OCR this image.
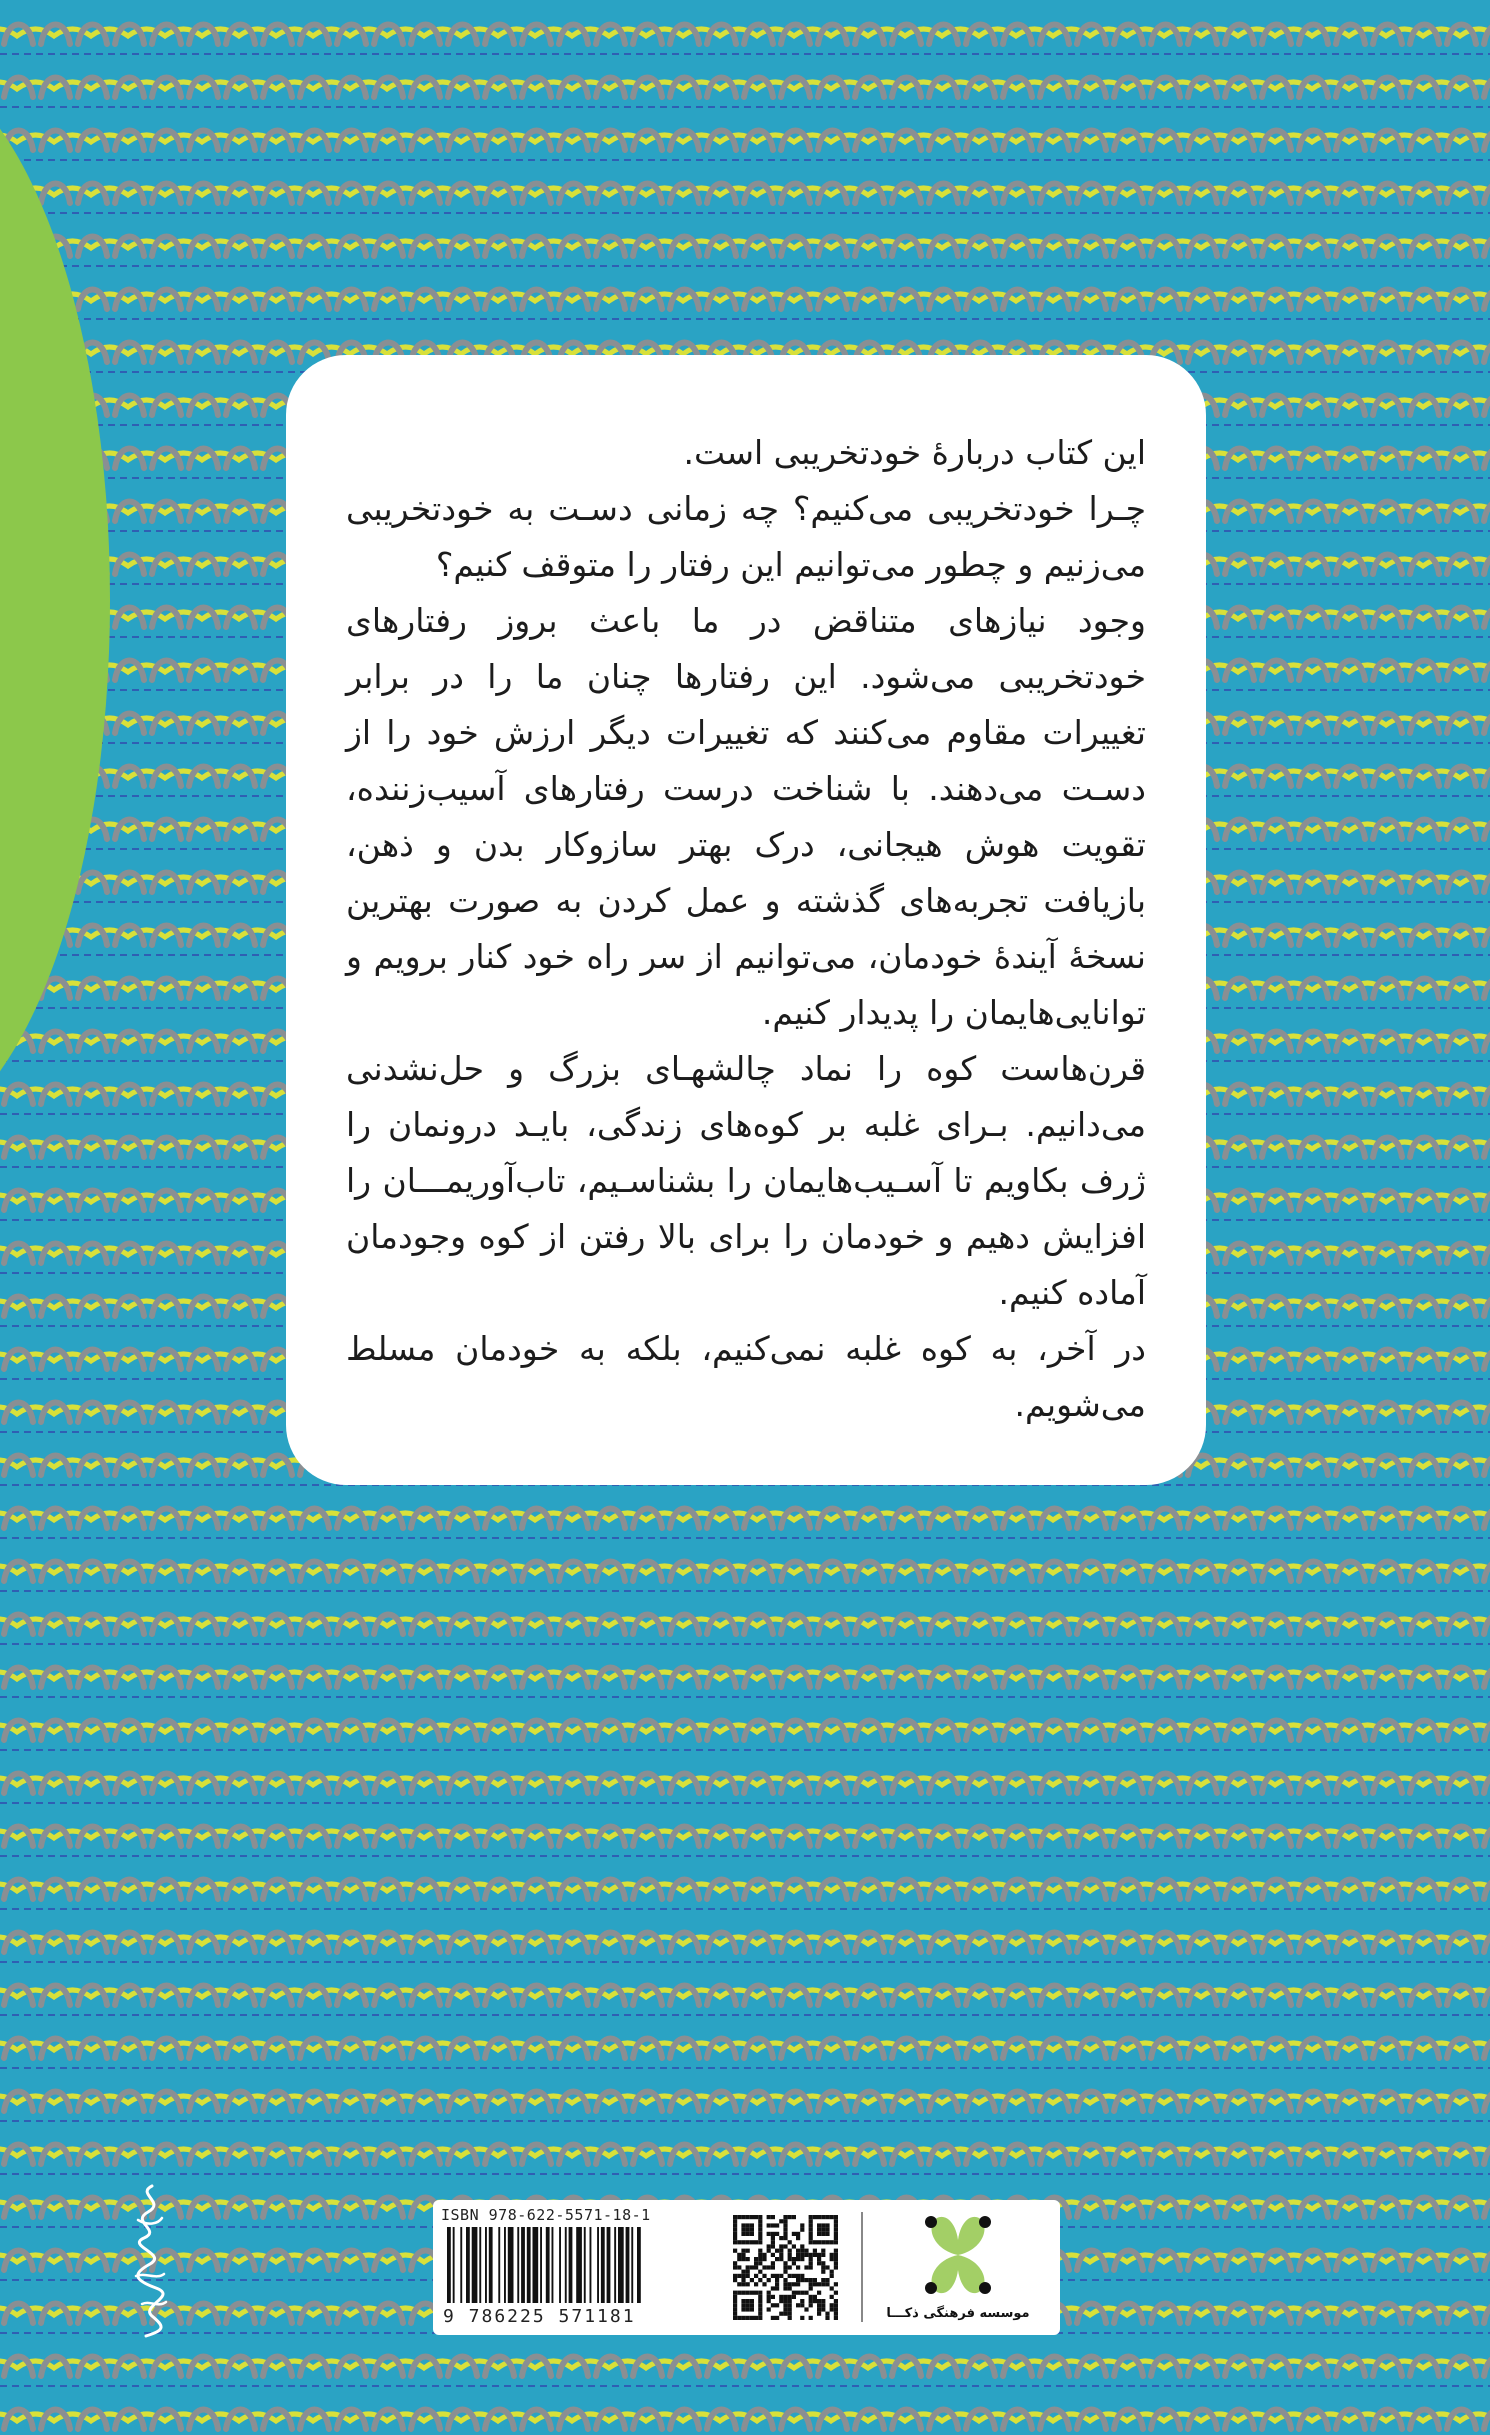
این کتاب دربارهٔ خودتخریبی است.

چـرا خودتخریبی می‌کنیم؟ چه زمانی دسـت به خودتخریبی می‌زنیم و چطور می‌توانیم این رفتار را متوقف کنیم؟

وجود نیازهای متناقض در ما باعث بروز رفتارهای خودتخریبی می‌شود. این رفتارها چنان ما را در برابر تغییرات مقاوم می‌کنند که تغییرات دیگر ارزش خود را از دسـت می‌دهند. با شناخت درست رفتارهای آسیب‌زننده، تقویت هوش هیجانی، درک بهتر سازوکار بدن و ذهن، بازیافت تجربه‌های گذشته و عمل کردن به صورت بهترین نسخهٔ آیندهٔ خودمان، می‌توانیم از سر راه خود کنار برویم و توانایی‌هایمان را پدیدار کنیم.

قرن‌هاست کوه را نماد چالشهـای بزرگ و حل‌نشدنی می‌دانیم. بـرای غلبه بر کوه‌های زندگی، بایـد درونمان را ژرف بکاویم تا آسـیب‌هایمان را بشناسـیم، تاب‌آوریمـــان را افزایش دهیم و خودمان را برای بالا رفتن از کوه وجودمان آماده کنیم.

در آخر، به کوه غلبه نمی‌کنیم، بلکه به خودمان مسلط می‌شویم.

ISBN 978-622-5571-18-1
9 786225 571181	موسسه فرهنگی ذکـــا
